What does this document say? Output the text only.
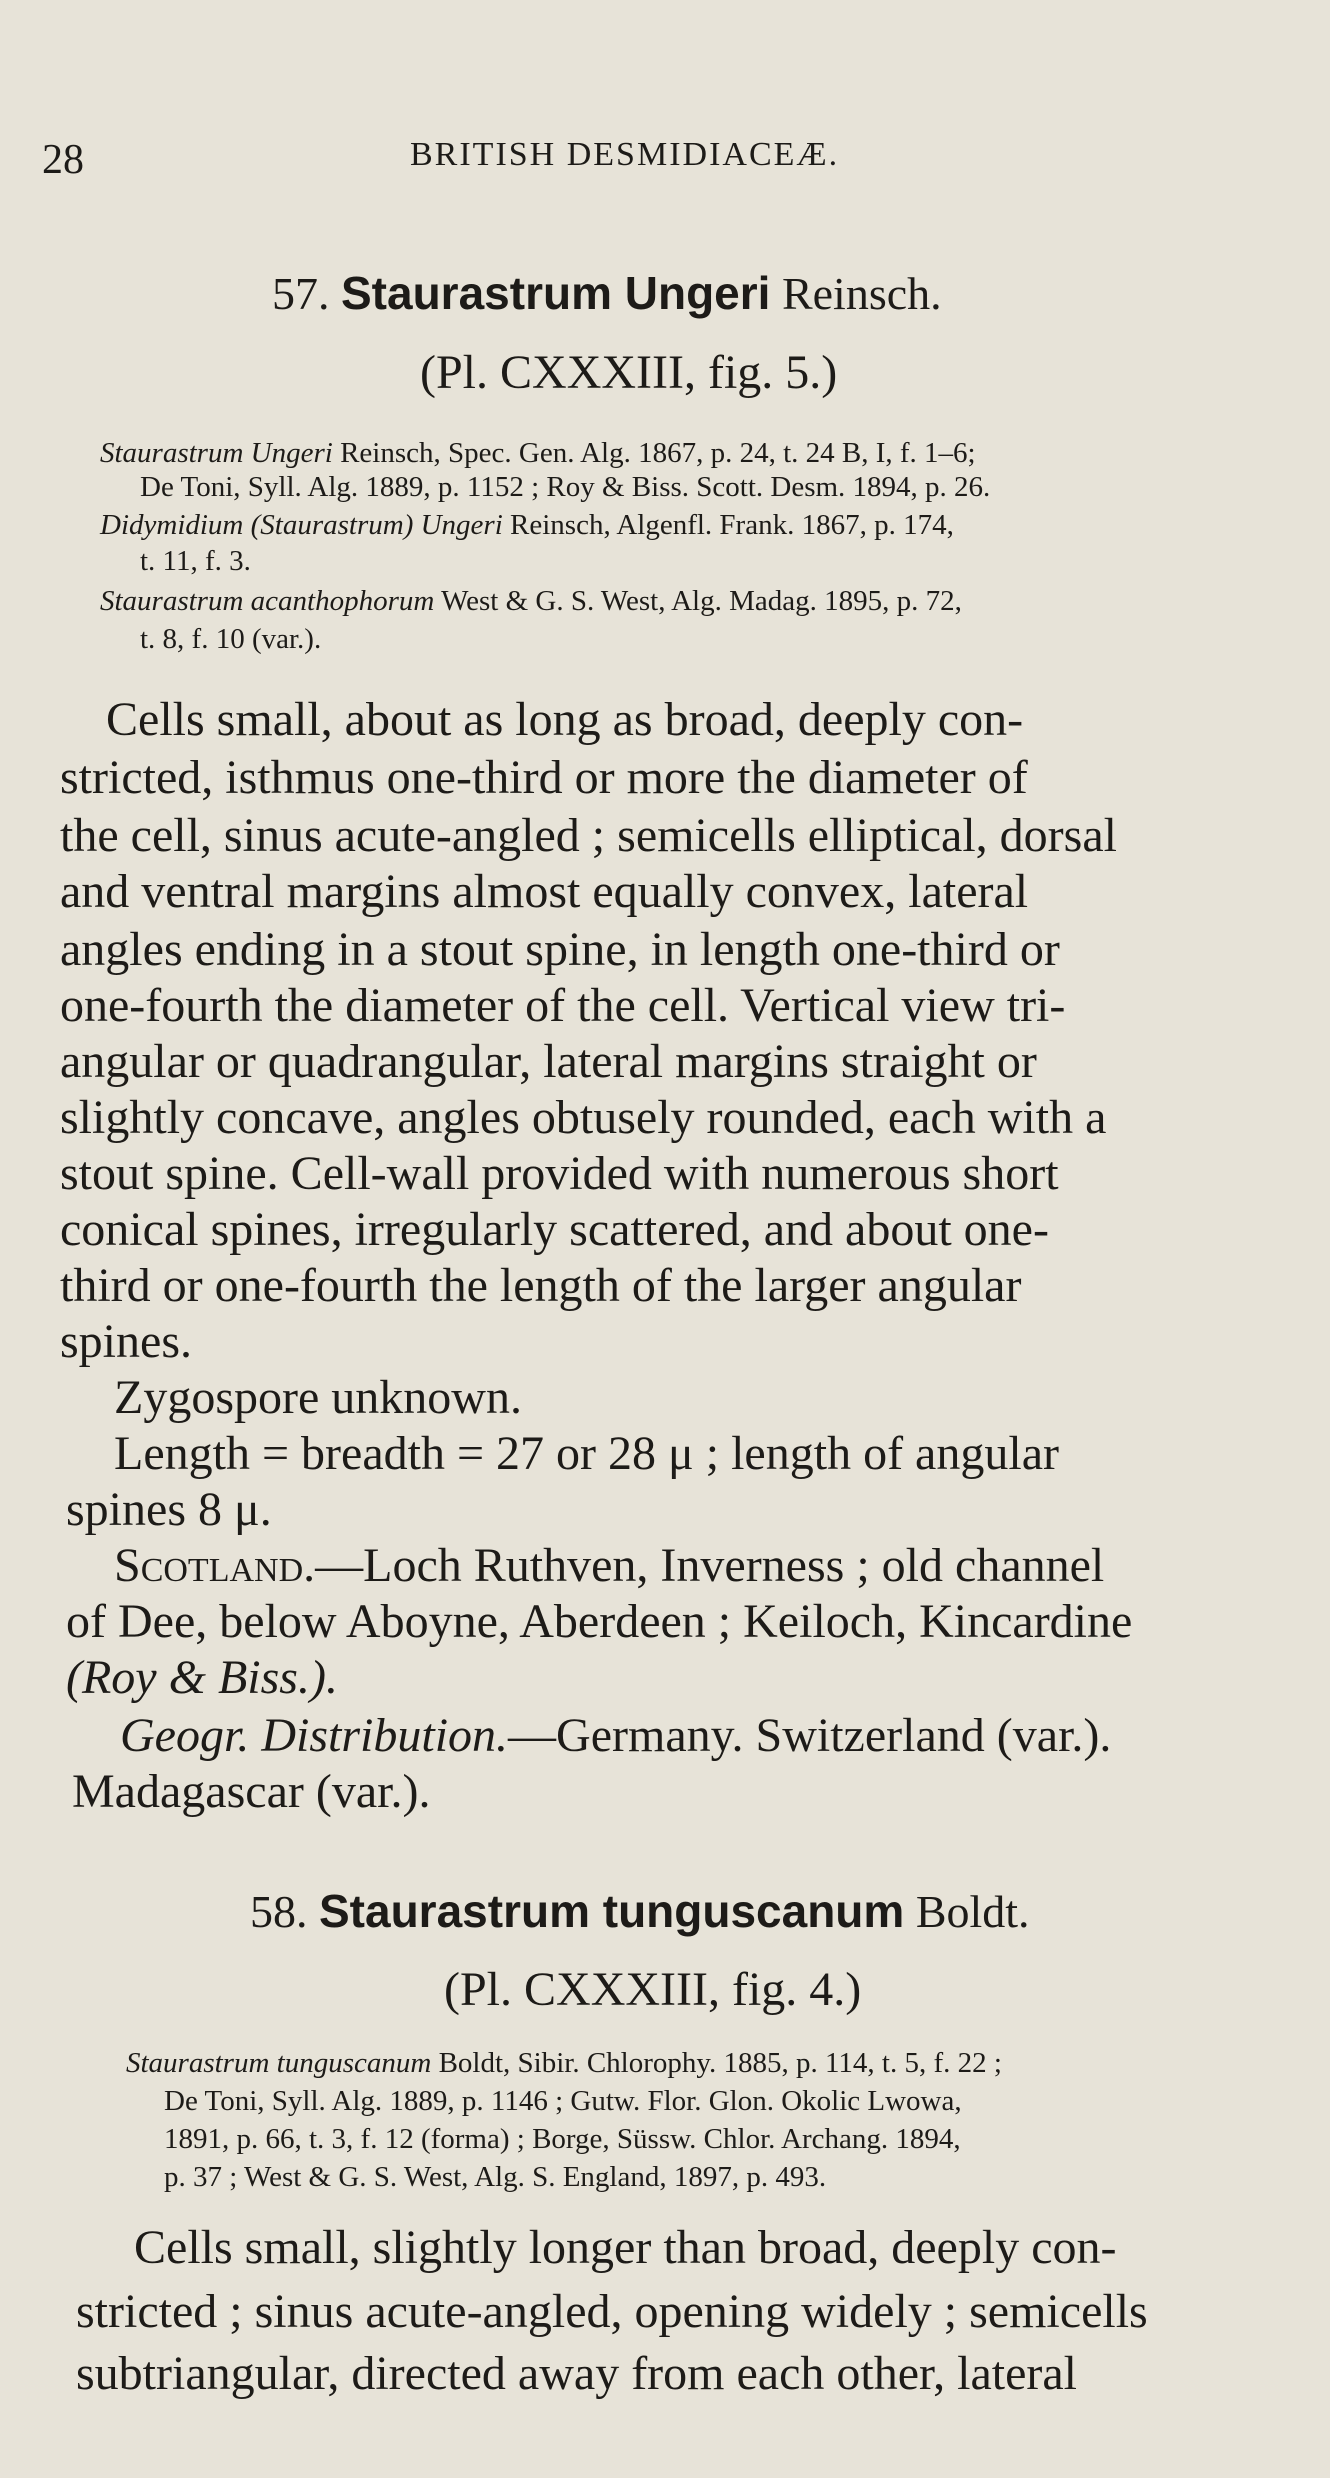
28	BRITISH DESMIDIACEÆ.
57. Staurastrum Ungeri Reinsch.
(Pl. CXXXIII, fig. 5.)
Staurastrum Ungeri Reinsch, Spec. Gen. Alg. 1867, p. 24, t. 24 B, I, f. 1–6;
De Toni, Syll. Alg. 1889, p. 1152 ; Roy & Biss. Scott. Desm. 1894, p. 26.
Didymidium (Staurastrum) Ungeri Reinsch, Algenfl. Frank. 1867, p. 174,
t. 11, f. 3.
Staurastrum acanthophorum West & G. S. West, Alg. Madag. 1895, p. 72,
t. 8, f. 10 (var.).
Cells small, about as long as broad, deeply con-
stricted, isthmus one-third or more the diameter of
the cell, sinus acute-angled ; semicells elliptical, dorsal
and ventral margins almost equally convex, lateral
angles ending in a stout spine, in length one-third or
one-fourth the diameter of the cell. Vertical view tri-
angular or quadrangular, lateral margins straight or
slightly concave, angles obtusely rounded, each with a
stout spine. Cell-wall provided with numerous short
conical spines, irregularly scattered, and about one-
third or one-fourth the length of the larger angular
spines.
Zygospore unknown.
Length = breadth = 27 or 28 μ ; length of angular
spines 8 μ.
Scotland.—Loch Ruthven, Inverness ; old channel
of Dee, below Aboyne, Aberdeen ; Keiloch, Kincardine
(Roy & Biss.).
Geogr. Distribution.—Germany. Switzerland (var.).
Madagascar (var.).
58. Staurastrum tunguscanum Boldt.
(Pl. CXXXIII, fig. 4.)
Staurastrum tunguscanum Boldt, Sibir. Chlorophy. 1885, p. 114, t. 5, f. 22 ;
De Toni, Syll. Alg. 1889, p. 1146 ; Gutw. Flor. Glon. Okolic Lwowa,
1891, p. 66, t. 3, f. 12 (forma) ; Borge, Süssw. Chlor. Archang. 1894,
p. 37 ; West & G. S. West, Alg. S. England, 1897, p. 493.
Cells small, slightly longer than broad, deeply con-
stricted ; sinus acute-angled, opening widely ; semicells
subtriangular, directed away from each other, lateral
